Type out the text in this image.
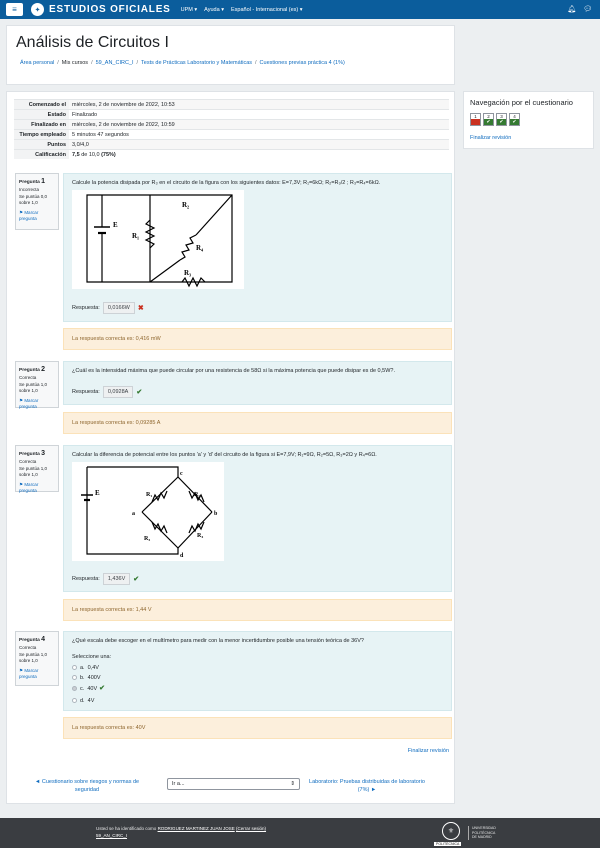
≡	✦ ESTUDIOS OFICIALES UPM ▾	Ayuda ▾	Español - Internacional (es) ▾	🔔︎ 💬︎
Análisis de Circuitos I
Área personal / Mis cursos / 59_AN_CIRC_I / Tests de Prácticas Laboratorio y Matemáticas / Cuestiones previas práctica 4 (1%)
Comenzado el	miércoles, 2 de noviembre de 2022, 10:53
Estado	Finalizado
Finalizado en	miércoles, 2 de noviembre de 2022, 10:59
Tiempo empleado	5 minutos 47 segundos
Puntos	3,0/4,0
Calificación	7,5 de 10,0 (75%)
Pregunta 1
Incorrecta
Se puntúa 0,0 sobre 1,0
⚑ Marcar pregunta
Calcule la potencia disipada por R₃ en el circuito de la figura con los siguientes datos: E=7,3V; R₁=6kΩ; R₂=R₃/2 ; R₃=R₄=6kΩ.
E
R₁
R₂
R₃
R₄
Respuesta:	0,0166W	✖
La respuesta correcta es: 0,416 mW
Pregunta 2
Correcta
Se puntúa 1,0 sobre 1,0
⚑ Marcar pregunta
¿Cuál es la intensidad máxima que puede circular por una resistencia de 58Ω si la máxima potencia que puede disipar es de 0,5W?.
Respuesta:	0,0928A	✔
La respuesta correcta es: 0,09285 A
Pregunta 3
Correcta
Se puntúa 1,0 sobre 1,0
⚑ Marcar pregunta
Calcular la diferencia de potencial entre los puntos 'a' y 'd' del circuito de la figura si E=7,9V; R₁=9Ω, R₂=5Ω, R₃=2Ω y R₄=6Ω.
E	R₁	R₂
R₃	R₄
a	b
c
d
Respuesta:	1,436V	✔
La respuesta correcta es: 1,44 V
Pregunta 4
Correcta
Se puntúa 1,0 sobre 1,0
⚑ Marcar pregunta
¿Qué escala debe escoger en el multímetro para medir con la menor incertidumbre posible una tensión teórica de 36V?
Seleccione una:
a. 0,4V
b. 400V
c. 40V ✔
d. 4V
La respuesta correcta es: 40V
Finalizar revisión
◄ Cuestionario sobre riesgos y normas de seguridad
Ir a...	⇕	Laboratorio: Pruebas distribuidas de laboratorio (7%) ►
Navegación por el cuestionario
1	2
✔
3
✔
4
✔
Finalizar revisión
Usted se ha identificado como RODRIGUEZ MARTINEZ JUAN JOSE (Cerrar sesión)
59_AN_CIRC_I
⚜
POLITÉCNICA
UNIVERSIDAD
POLITÉCNICA
DE MADRID
